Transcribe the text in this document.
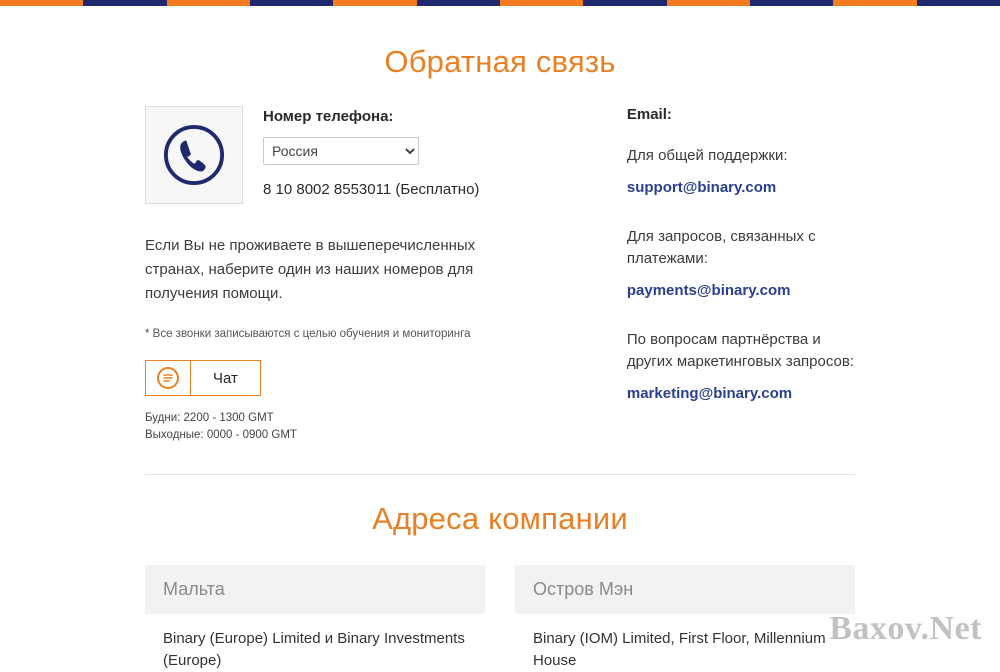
Обратная связь

Номер телефона:

Россия
8 10 8002 8553011 (Бесплатно)
Если Вы не проживаете в вышеперечисленных странах, наберите один из наших номеров для получения помощи.
* Все звонки записываются с целью обучения и мониторинга
Чат
Будни: 2200 - 1300 GMT
Выходные: 0000 - 0900 GMT

Email:

Для общей поддержки:

support@binary.com

Для запросов, связанных с платежами:

payments@binary.com

По вопросам партнёрства и других маркетинговых запросов:

marketing@binary.com
Адреса компании
Мальта
Binary (Europe) Limited и Binary Investments (Europe)
Остров Мэн
Binary (IOM) Limited, First Floor, Millennium House
Baxov.Net
